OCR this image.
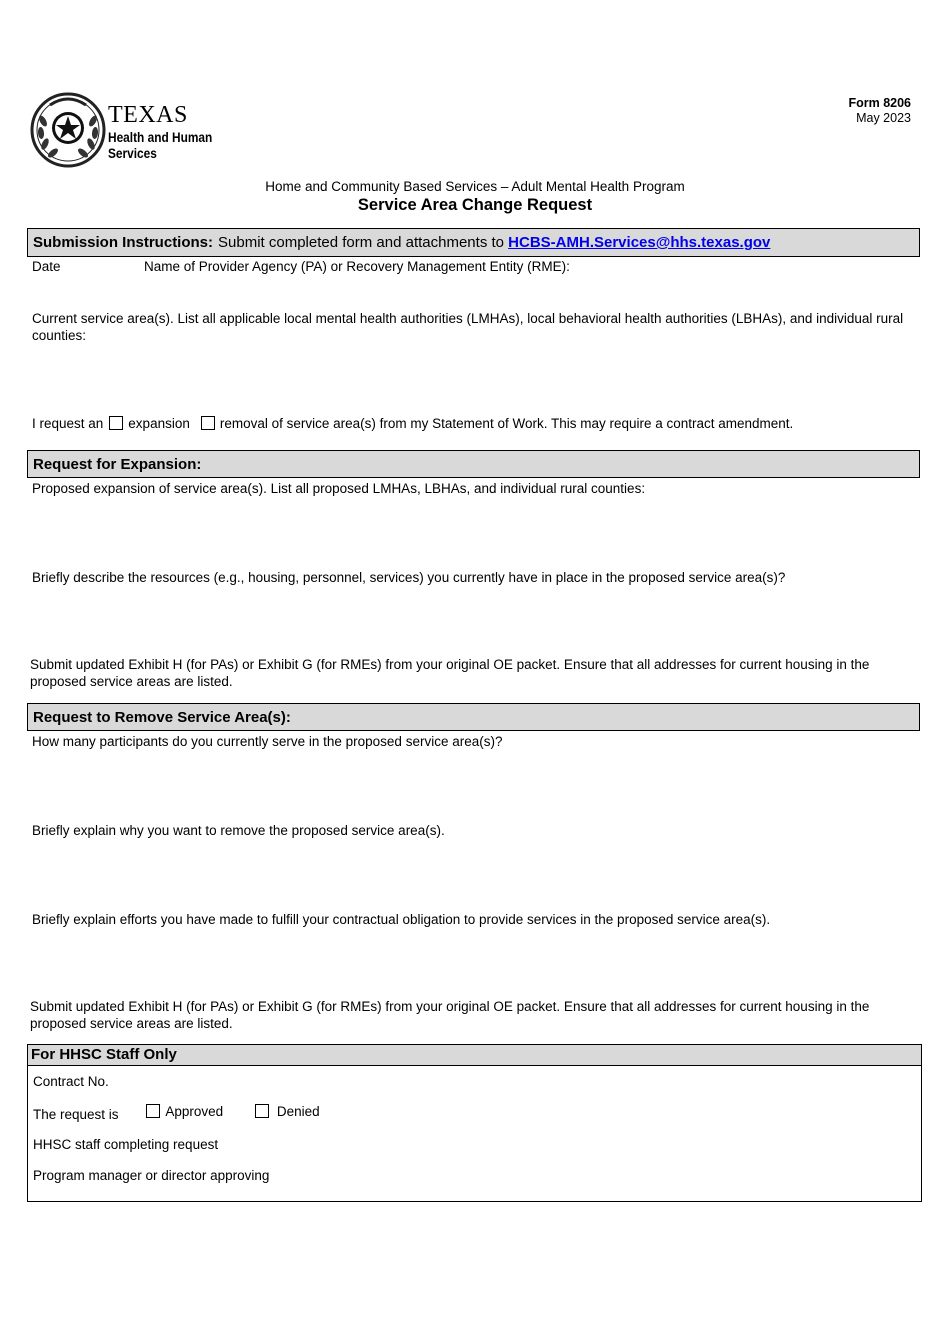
TEXAS
Health and Human
Services
Form 8206
May 2023
Home and Community Based Services – Adult Mental Health Program
Service Area Change Request
Submission Instructions: Submit completed form and attachments to
HCBS-AMH.Services@hhs.texas.gov
Date	Name of Provider Agency (PA) or Recovery Management Entity (RME):
Current service area(s). List all applicable local mental health authorities (LMHAs), local behavioral health authorities (LBHAs), and individual rural counties:
I request an expansion removal of service area(s) from my Statement of Work. This may require a contract amendment.
Request for Expansion:
Proposed expansion of service area(s). List all proposed LMHAs, LBHAs, and individual rural counties:
Briefly describe the resources (e.g., housing, personnel, services) you currently have in place in the proposed service area(s)?
Submit updated Exhibit H (for PAs) or Exhibit G (for RMEs) from your original OE packet. Ensure that all addresses for current housing in the proposed service areas are listed.
Request to Remove Service Area(s):
How many participants do you currently serve in the proposed service area(s)?
Briefly explain why you want to remove the proposed service area(s).
Briefly explain efforts you have made to fulfill your contractual obligation to provide services in the proposed service area(s).
Submit updated Exhibit H (for PAs) or Exhibit G (for RMEs) from your original OE packet. Ensure that all addresses for current housing in the proposed service areas are listed.
For HHSC Staff Only
Contract No.
The request is	Approved	Denied
HHSC staff completing request
Program manager or director approving
